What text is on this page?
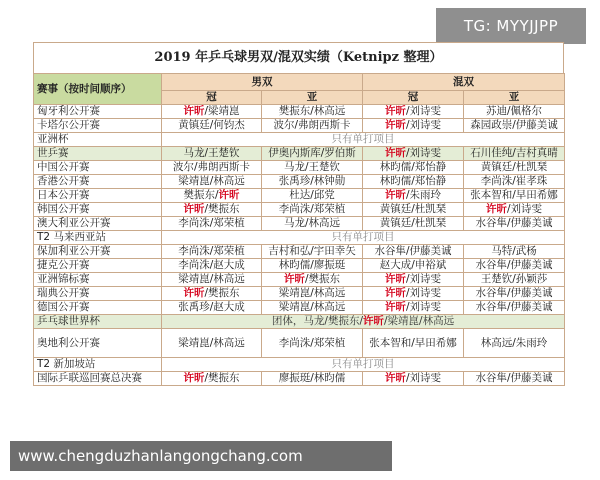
TG: MYYJJPP
2019 年乒乓球男双/混双实绩（Ketnipz 整理）
赛事（按时间顺序）	男双		混双	
	冠	亚	冠	亚
匈牙利公开赛	许昕/梁靖崑	樊振东/林高远	许昕/刘诗雯	苏迪/佩格尔
卡塔尔公开赛	黄镇廷/何钧杰	波尔/弗朗西斯卡	许昕/刘诗雯	森园政崇/伊藤美诚
亚洲杯	只有单打项目			
世乒赛	马龙/王楚钦	伊奥内斯库/罗伯斯	许昕/刘诗雯	石川佳纯/吉村真晴
中国公开赛	波尔/弗朗西斯卡	马龙/王楚钦	林昀儒/郑怡静	黄镇廷/杜凯琹
香港公开赛	梁靖崑/林高远	张禹珍/林钟勋	林昀儒/郑怡静	李尚洙/崔孝珠
日本公开赛	樊振东/许昕	杜达/邱党	许昕/朱雨玲	张本智和/早田希娜
韩国公开赛	许昕/樊振东	李尚洙/郑荣植	黄镇廷/杜凯琹	许昕/刘诗雯
澳大利亚公开赛	李尚洙/郑荣植	马龙/林高远	黄镇廷/杜凯琹	水谷隼/伊藤美诚
T2 马来西亚站	只有单打项目			
保加利亚公开赛	李尚洙/郑荣植	吉村和弘/宇田幸矢	水谷隼/伊藤美诚	马特/武杨
捷克公开赛	李尚洙/赵大成	林昀儒/廖振珽	赵大成/申裕斌	水谷隼/伊藤美诚
亚洲锦标赛	梁靖崑/林高远	许昕/樊振东	许昕/刘诗雯	王楚钦/孙颖莎
瑞典公开赛	许昕/樊振东	梁靖崑/林高远	许昕/刘诗雯	水谷隼/伊藤美诚
德国公开赛	张禹珍/赵大成	梁靖崑/林高远	许昕/刘诗雯	水谷隼/伊藤美诚
乒乓球世界杯	团体，马龙/樊振东/许昕/梁靖崑/林高远			
奥地利公开赛	梁靖崑/林高远	李尚洙/郑荣植	张本智和/早田希娜	林高远/朱雨玲
T2 新加坡站	只有单打项目			
国际乒联巡回赛总决赛	许昕/樊振东	廖振珽/林昀儒	许昕/刘诗雯	水谷隼/伊藤美诚
www.chengduzhanlangongchang.com
